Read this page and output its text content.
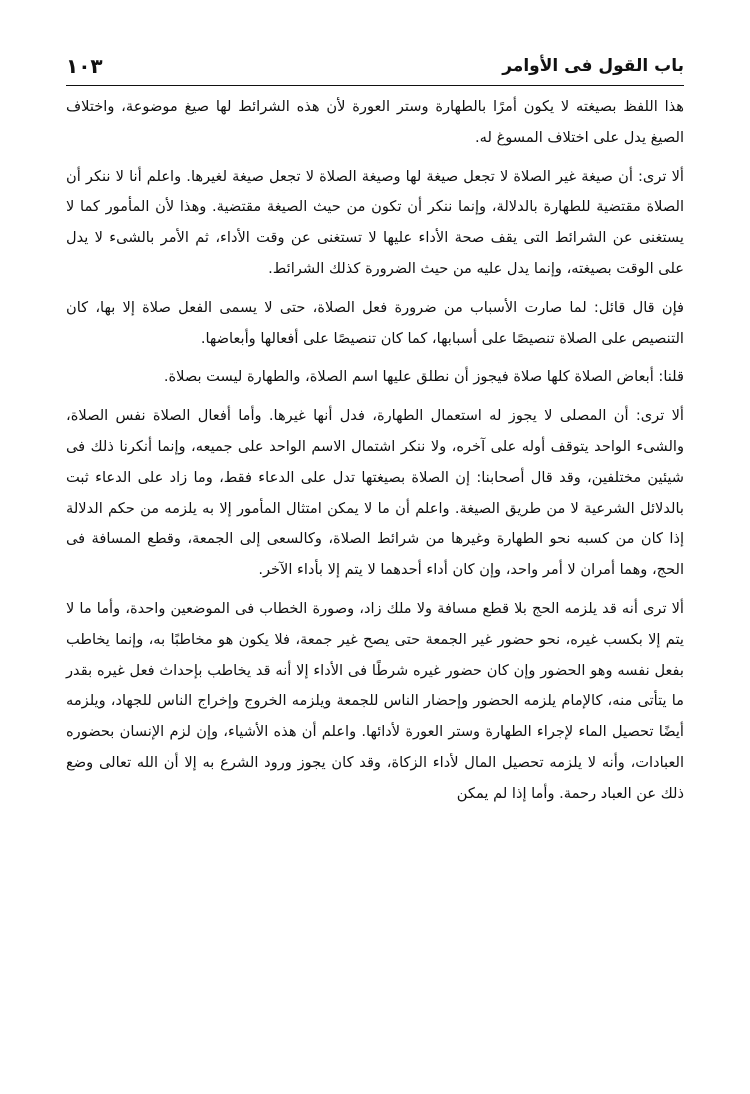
باب القول فى الأوامر
١٠٣

هذا اللفظ بصيغته لا يكون أمرًا بالطهارة وستر العورة لأن هذه الشرائط لها صيغ موضوعة، واختلاف الصيغ يدل على اختلاف المسوغ له.

ألا ترى: أن صيغة غير الصلاة لا تجعل صيغة لها وصيغة الصلاة لا تجعل صيغة لغيرها. واعلم أنا لا ننكر أن الصلاة مقتضية للطهارة بالدلالة، وإنما ننكر أن تكون من حيث الصيغة مقتضية. وهذا لأن المأمور كما لا يستغنى عن الشرائط التى يقف صحة الأداء عليها لا تستغنى عن وقت الأداء، ثم الأمر بالشىء لا يدل على الوقت بصيغته، وإنما يدل عليه من حيث الضرورة كذلك الشرائط.

فإن قال قائل: لما صارت الأسباب من ضرورة فعل الصلاة، حتى لا يسمى الفعل صلاة إلا بها، كان التنصيص على الصلاة تنصيصًا على أسبابها، كما كان تنصيصًا على أفعالها وأبعاضها.

قلنا: أبعاض الصلاة كلها صلاة فيجوز أن نطلق عليها اسم الصلاة، والطهارة ليست بصلاة.

ألا ترى: أن المصلى لا يجوز له استعمال الطهارة، فدل أنها غيرها. وأما أفعال الصلاة نفس الصلاة، والشىء الواحد يتوقف أوله على آخره، ولا ننكر اشتمال الاسم الواحد على جميعه، وإنما أنكرنا ذلك فى شيئين مختلفين، وقد قال أصحابنا: إن الصلاة بصيغتها تدل على الدعاء فقط، وما زاد على الدعاء ثبت بالدلائل الشرعية لا من طريق الصيغة. واعلم أن ما لا يمكن امتثال المأمور إلا به يلزمه من حكم الدلالة إذا كان من كسبه نحو الطهارة وغيرها من شرائط الصلاة، وكالسعى إلى الجمعة، وقطع المسافة فى الحج، وهما أمران لا أمر واحد، وإن كان أداء أحدهما لا يتم إلا بأداء الآخر.

ألا ترى أنه قد يلزمه الحج بلا قطع مسافة ولا ملك زاد، وصورة الخطاب فى الموضعين واحدة، وأما ما لا يتم إلا بكسب غيره، نحو حضور غير الجمعة حتى يصح غير جمعة، فلا يكون هو مخاطبًا به، وإنما يخاطب بفعل نفسه وهو الحضور وإن كان حضور غيره شرطًا فى الأداء إلا أنه قد يخاطب بإحداث فعل غيره بقدر ما يتأتى منه، كالإمام يلزمه الحضور وإحضار الناس للجمعة ويلزمه الخروج وإخراج الناس للجهاد، ويلزمه أيضًا تحصيل الماء لإجراء الطهارة وستر العورة لأدائها. واعلم أن هذه الأشياء، وإن لزم الإنسان بحضوره العبادات، وأنه لا يلزمه تحصيل المال لأداء الزكاة، وقد كان يجوز ورود الشرع به إلا أن الله تعالى وضع ذلك عن العباد رحمة. وأما إذا لم يمكن
